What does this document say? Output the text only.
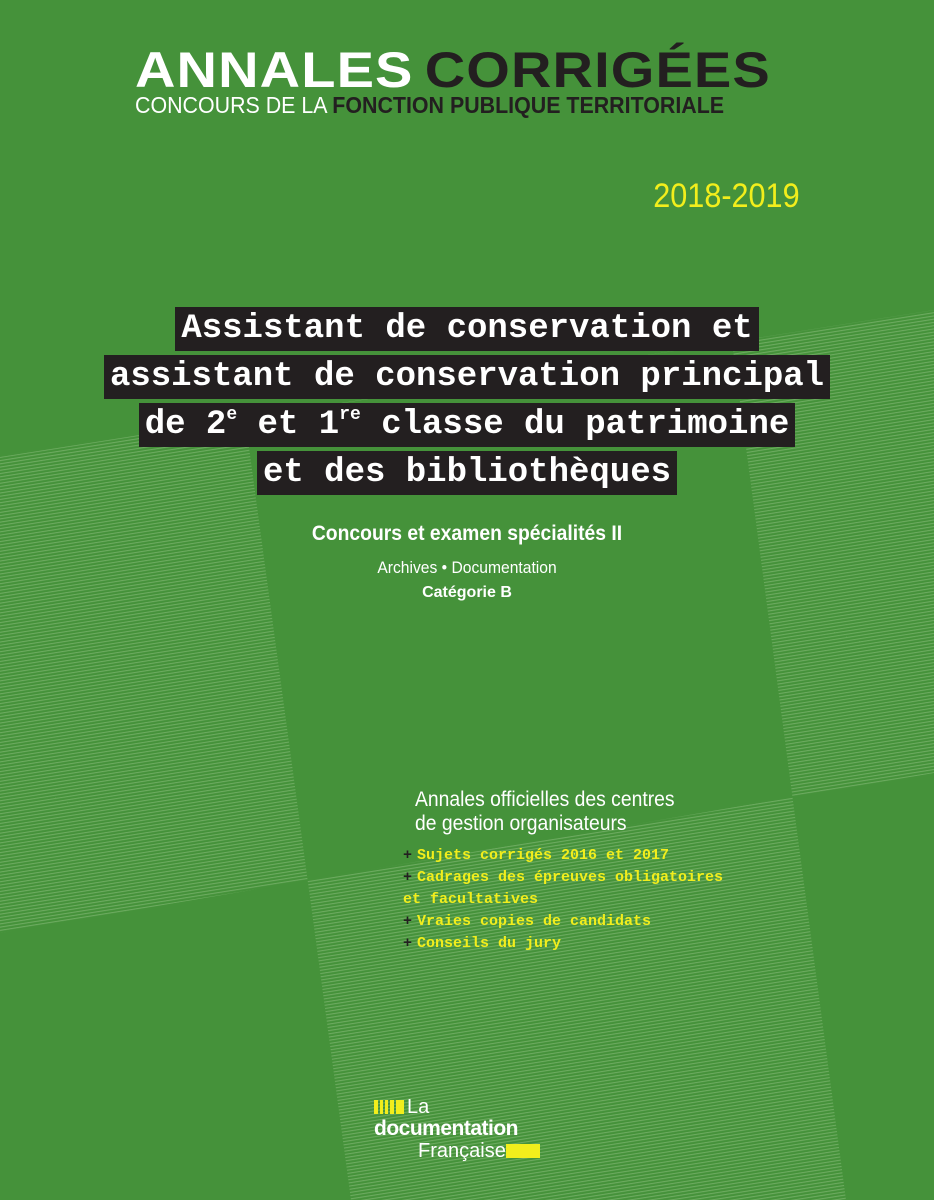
ANNALES CORRIGÉES
CONCOURS DE LA FONCTION PUBLIQUE TERRITORIALE
2018-2019
Assistant de conservation et
assistant de conservation principal
de 2e et 1re classe du patrimoine
et des bibliothèques
Concours et examen spécialités II
Archives • Documentation
Catégorie B
Annales officielles des centres
de gestion organisateurs
+ Sujets corrigés 2016 et 2017
+ Cadrages des épreuves obligatoires
et facultatives
+ Vraies copies de candidats
+ Conseils du jury
La
documentation
Française
